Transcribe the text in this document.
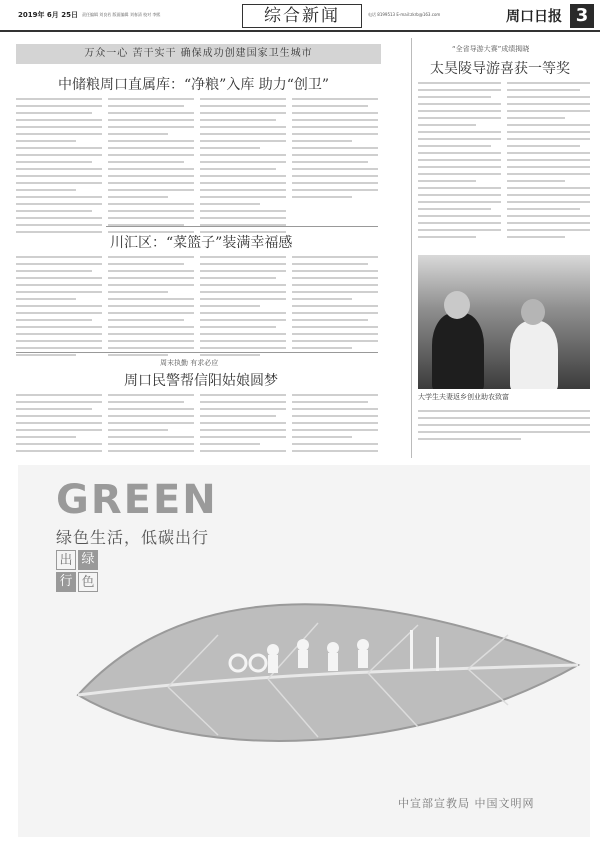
2019年 6月 25日 责任编辑 刘良若 版面编辑 刘春清 校对 李熙	电话 8199513 E-mail:zkrb@163.com
综合新闻	周口日报 3
万众一心 苦干实干 确保成功创建国家卫生城市
中储粮周口直属库：“净粮”入库 助力“创卫”
川汇区：“菜篮子”装满幸福感
周末执勤 有求必应
周口民警帮信阳姑娘圆梦
“全省导游大赛”成绩揭晓
太昊陵导游喜获一等奖
大学生夫妻返乡创业助农致富
GREEN
绿色生活，低碳出行
出 绿
行 色
中宣部宣教局 中国文明网
